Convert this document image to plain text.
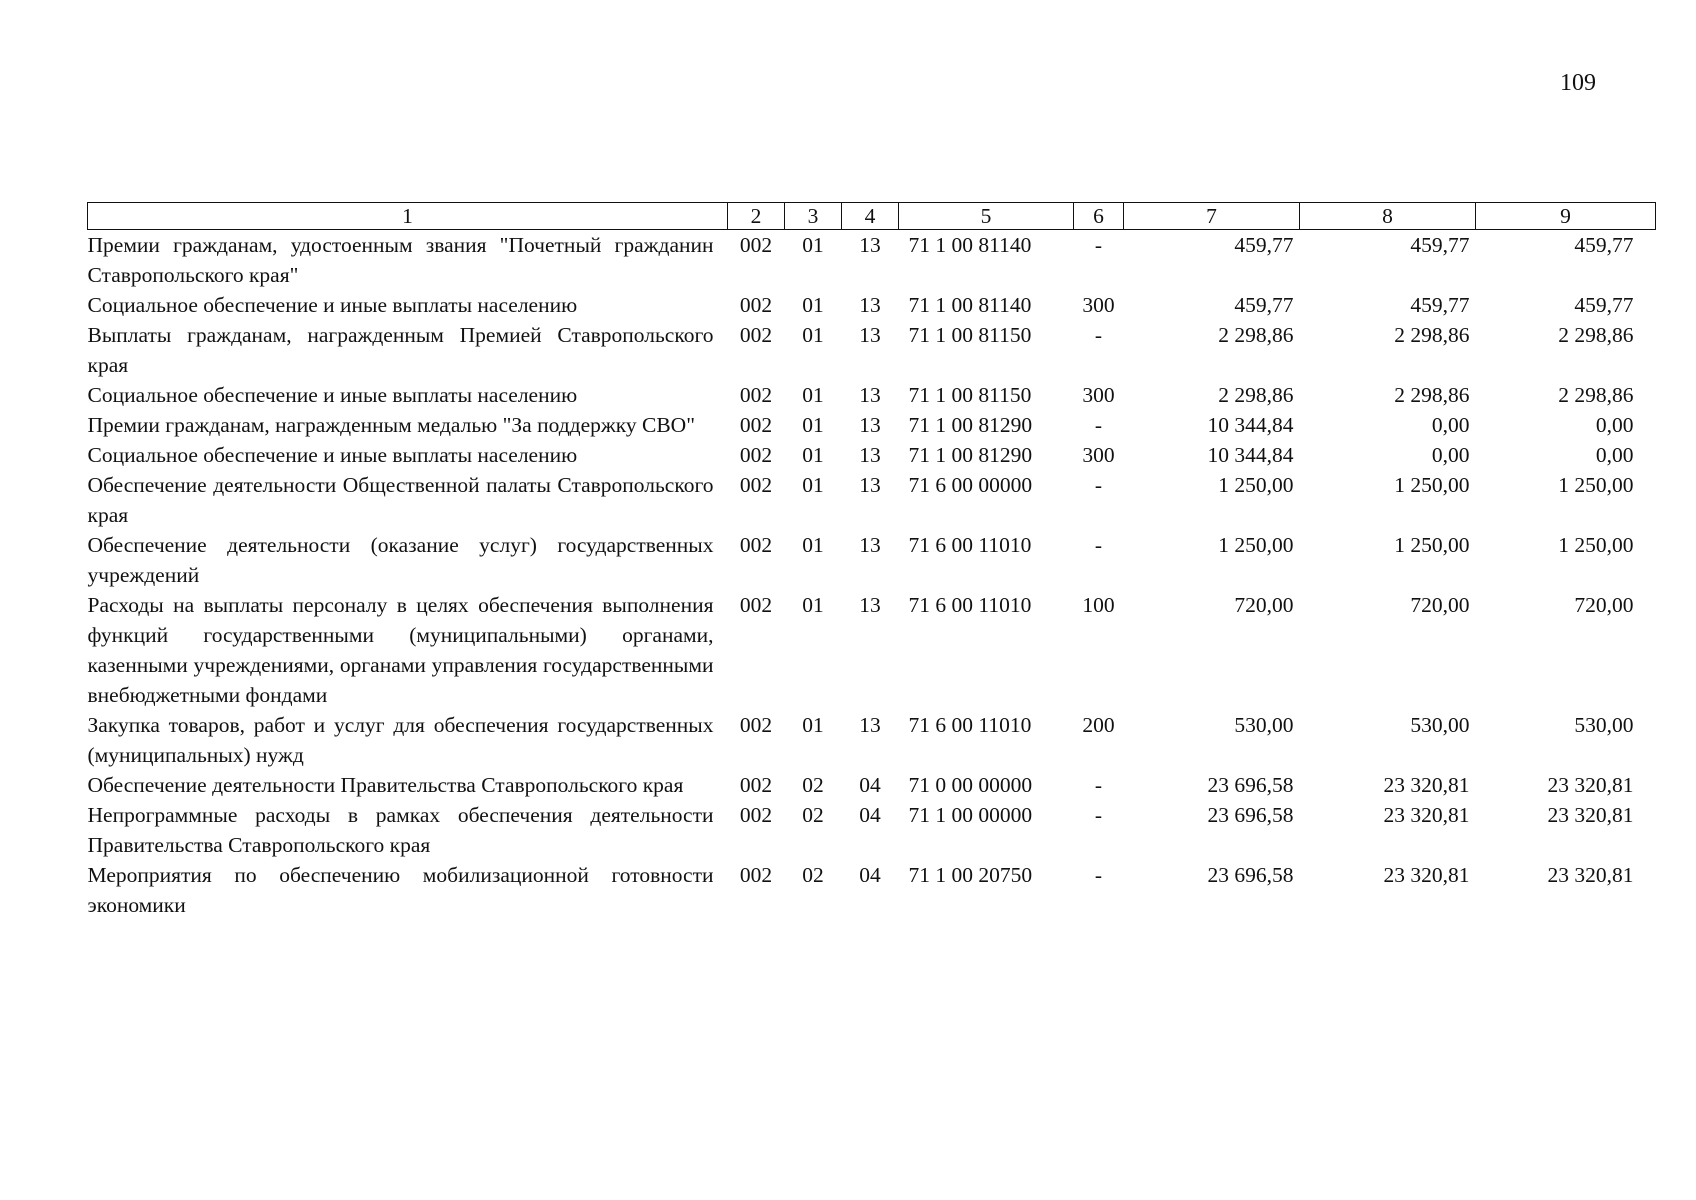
109
1	2	3	4	5	6	7	8	9
Премии гражданам, удостоенным звания "Почетный гражданин Ставропольского края"	002	01	13	71 1 00 81140	-	459,77	459,77	459,77
Социальное обеспечение и иные выплаты населению	002	01	13	71 1 00 81140	300	459,77	459,77	459,77
Выплаты гражданам, награжденным Премией Ставропольского края	002	01	13	71 1 00 81150	-	2 298,86	2 298,86	2 298,86
Социальное обеспечение и иные выплаты населению	002	01	13	71 1 00 81150	300	2 298,86	2 298,86	2 298,86
Премии гражданам, награжденным медалью "За поддержку СВО"	002	01	13	71 1 00 81290	-	10 344,84	0,00	0,00
Социальное обеспечение и иные выплаты населению	002	01	13	71 1 00 81290	300	10 344,84	0,00	0,00
Обеспечение деятельности Общественной палаты Ставропольского края	002	01	13	71 6 00 00000	-	1 250,00	1 250,00	1 250,00
Обеспечение деятельности (оказание услуг) государственных учреждений	002	01	13	71 6 00 11010	-	1 250,00	1 250,00	1 250,00
Расходы на выплаты персоналу в целях обеспечения выполнения функций государственными (муниципальными) органами, казенными учреждениями, органами управления государственными внебюджетными фондами	002	01	13	71 6 00 11010	100	720,00	720,00	720,00
Закупка товаров, работ и услуг для обеспечения государственных (муниципальных) нужд	002	01	13	71 6 00 11010	200	530,00	530,00	530,00
Обеспечение деятельности Правительства Ставропольского края	002	02	04	71 0 00 00000	-	23 696,58	23 320,81	23 320,81
Непрограммные расходы в рамках обеспечения деятельности Правительства Ставропольского края	002	02	04	71 1 00 00000	-	23 696,58	23 320,81	23 320,81
Мероприятия по обеспечению мобилизационной готовности экономики	002	02	04	71 1 00 20750	-	23 696,58	23 320,81	23 320,81
